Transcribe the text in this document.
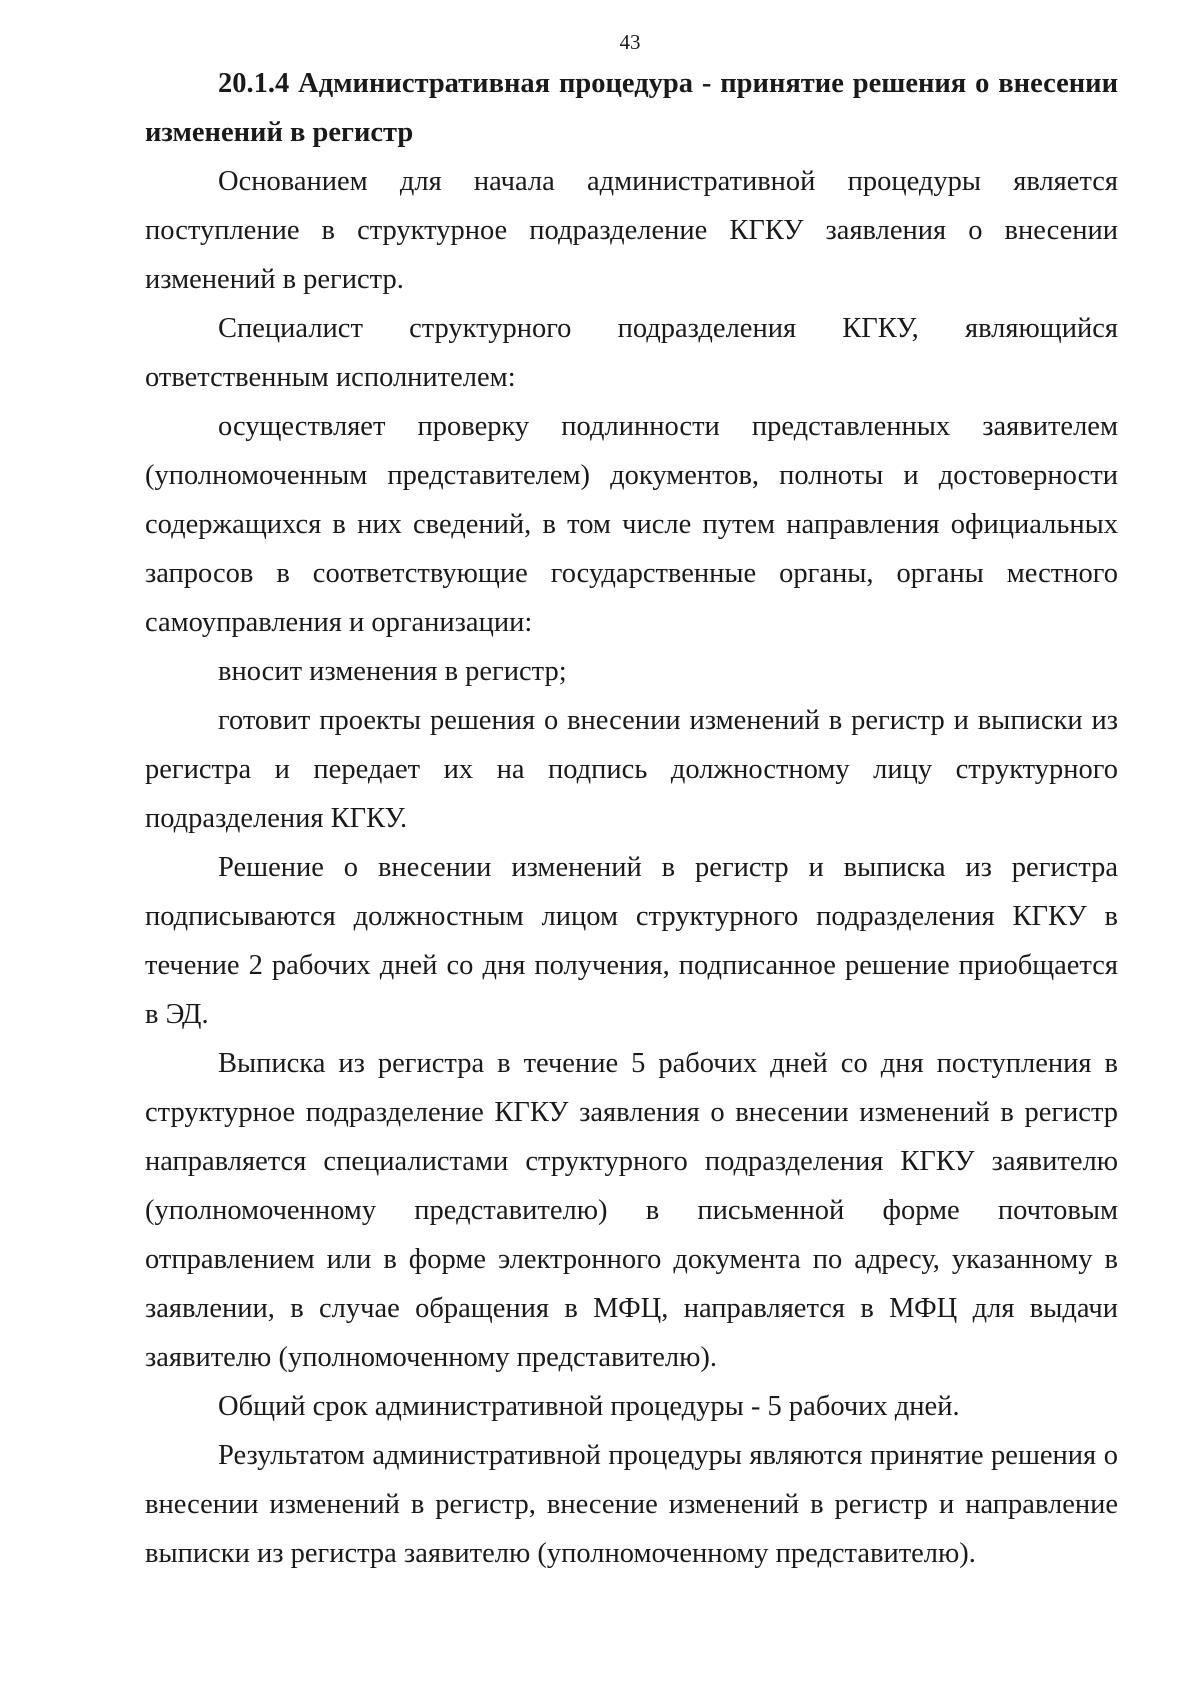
43

20.1.4 Административная процедура - принятие решения о внесении изменений в регистр

Основанием для начала административной процедуры является поступление в структурное подразделение КГКУ заявления о внесении изменений в регистр.

Специалист структурного подразделения КГКУ, являющийся ответственным исполнителем:

осуществляет проверку подлинности представленных заявителем (уполномоченным представителем) документов, полноты и достоверности содержащихся в них сведений, в том числе путем направления официальных запросов в соответствующие государственные органы, органы местного самоуправления и организации:

вносит изменения в регистр;

готовит проекты решения о внесении изменений в регистр и выписки из регистра и передает их на подпись должностному лицу структурного подразделения КГКУ.

Решение о внесении изменений в регистр и выписка из регистра подписываются должностным лицом структурного подразделения КГКУ в течение 2 рабочих дней со дня получения, подписанное решение приобщается в ЭД.

Выписка из регистра в течение 5 рабочих дней со дня поступления в структурное подразделение КГКУ заявления о внесении изменений в регистр направляется специалистами структурного подразделения КГКУ заявителю (уполномоченному представителю) в письменной форме почтовым отправлением или в форме электронного документа по адресу, указанному в заявлении, в случае обращения в МФЦ, направляется в МФЦ для выдачи заявителю (уполномоченному представителю).

Общий срок административной процедуры - 5 рабочих дней.

Результатом административной процедуры являются принятие решения о внесении изменений в регистр, внесение изменений в регистр и направление выписки из регистра заявителю (уполномоченному представителю).
